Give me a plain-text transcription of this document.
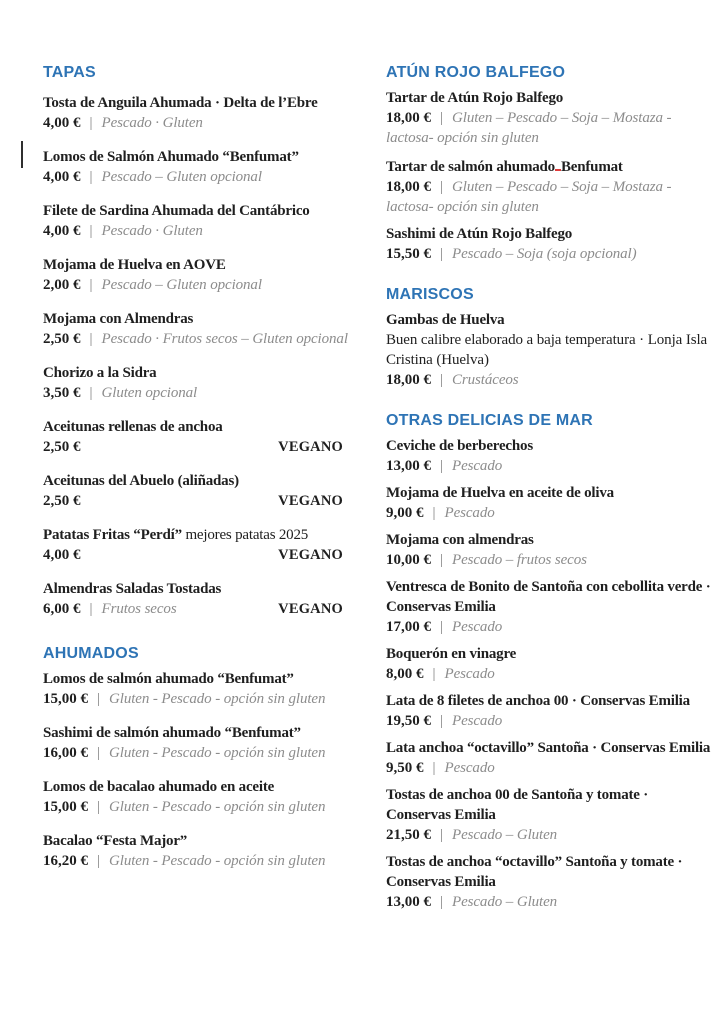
TAPAS
Tosta de Anguila Ahumada · Delta de l’Ebre
4,00 € | Pescado · Gluten
Lomos de Salmón Ahumado “Benfumat”
4,00 € | Pescado – Gluten opcional
Filete de Sardina Ahumada del Cantábrico
4,00 € | Pescado · Gluten
Mojama de Huelva en AOVE
2,00 € | Pescado – Gluten opcional
Mojama con Almendras
2,50 € | Pescado · Frutos secos – Gluten opcional
Chorizo a la Sidra
3,50 € | Gluten opcional
Aceitunas rellenas de anchoa
2,50 €	VEGANO
Aceitunas del Abuelo (aliñadas)
2,50 €	VEGANO
Patatas Fritas “Perdí” mejores patatas 2025
4,00 €	VEGANO
Almendras Saladas Tostadas
6,00 € | Frutos secos	VEGANO
AHUMADOS
Lomos de salmón ahumado “Benfumat”
15,00 € | Gluten - Pescado - opción sin gluten
Sashimi de salmón ahumado “Benfumat”
16,00 € | Gluten - Pescado - opción sin gluten
Lomos de bacalao ahumado en aceite
15,00 € | Gluten - Pescado - opción sin gluten
Bacalao “Festa Major”
16,20 € | Gluten - Pescado - opción sin gluten
ATÚN ROJO BALFEGO
Tartar de Atún Rojo Balfego
18,00 € | Gluten – Pescado – Soja – Mostaza - lactosa- opción sin gluten
Tartar de salmón ahumado Benfumat
18,00 € | Gluten – Pescado – Soja – Mostaza - lactosa- opción sin gluten
Sashimi de Atún Rojo Balfego
15,50 € | Pescado – Soja (soja opcional)
MARISCOS
Gambas de Huelva
Buen calibre elaborado a baja temperatura · Lonja Isla Cristina (Huelva)
18,00 € | Crustáceos
OTRAS DELICIAS DE MAR
Ceviche de berberechos
13,00 € | Pescado
Mojama de Huelva en aceite de oliva
9,00 € | Pescado
Mojama con almendras
10,00 € | Pescado – frutos secos
Ventresca de Bonito de Santoña con cebollita verde · Conservas Emilia
17,00 € | Pescado
Boquerón en vinagre
8,00 € | Pescado
Lata de 8 filetes de anchoa 00 · Conservas Emilia
19,50 € | Pescado
Lata anchoa “octavillo” Santoña · Conservas Emilia
9,50 € | Pescado
Tostas de anchoa 00 de Santoña y tomate · Conservas Emilia
21,50 € | Pescado – Gluten
Tostas de anchoa “octavillo” Santoña y tomate · Conservas Emilia
13,00 € | Pescado – Gluten
